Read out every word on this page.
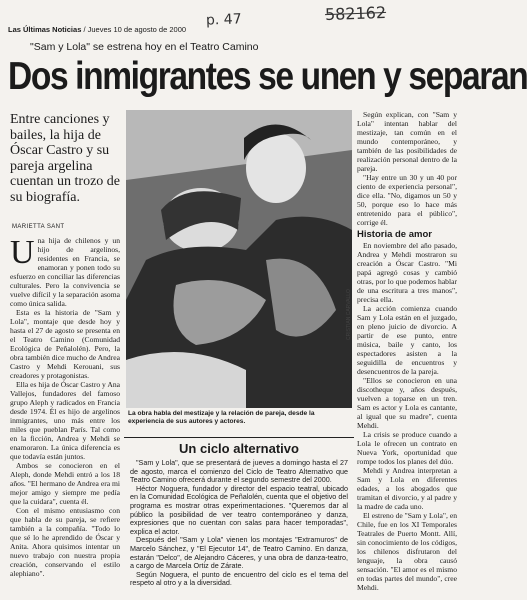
p. 47	582162
Las Últimas Noticias / Jueves 10 de agosto de 2000
"Sam y Lola" se estrena hoy en el Teatro Camino
Dos inmigrantes se unen y separan
Entre canciones y bailes, la hija de Óscar Castro y su pareja argelina cuentan un trozo de su biografía.
MARIETTA SANT

Una hija de chilenos y un hijo de argelinos, residentes en Francia, se enamoran y ponen todo su esfuerzo en conciliar las diferencias culturales. Pero la convivencia se vuelve difícil y la separación asoma como única salida.

Esta es la historia de "Sam y Lola", montaje que desde hoy y hasta el 27 de agosto se presenta en el Teatro Camino (Comunidad Ecológica de Peñalolén). Pero, la obra también dice mucho de Andrea Castro y Mehdi Kerouani, sus creadores y protagonistas.

Ella es hija de Óscar Castro y Ana Vallejos, fundadores del famoso grupo Aleph y radicados en Francia desde 1974. Él es hijo de argelinos inmigrantes, uno más entre los miles que pueblan París. Tal como en la ficción, Andrea y Mehdi se enamoraron. La única diferencia es que todavía están juntos.

Ambos se conocieron en el Aleph, donde Mehdi entró a los 18 años. "El hermano de Andrea era mi mejor amigo y siempre me pedía que la cuidara", cuenta él.

Con el mismo entusiasmo con que habla de su pareja, se refiere también a la compañía. "Todo lo que sé lo he aprendido de Óscar y Anita. Ahora quisimos intentar un nuevo trabajo con nuestra propia creación, conservando el estilo alephiano".

CRISTIAN CARVALLO
La obra habla del mestizaje y la relación de pareja, desde la experiencia de sus autores y actores.

Según explican, con "Sam y Lola" intentan hablar del mestizaje, tan común en el mundo contemporáneo, y también de las posibilidades de realización personal dentro de la pareja.

"Hay entre un 30 y un 40 por ciento de experiencia personal", dice ella. "No, digamos un 50 y 50, porque eso lo hace más entretenido para el público", corrige él.

Historia de amor

En noviembre del año pasado, Andrea y Mehdi mostraron su creación a Óscar Castro. "Mi papá agregó cosas y cambió otras, por lo que podemos hablar de una escritura a tres manos", precisa ella.

La acción comienza cuando Sam y Lola están en el juzgado, en pleno juicio de divorcio. A partir de ese punto, entre música, baile y canto, los espectadores asisten a la seguidilla de encuentros y desencuentros de la pareja.

"Ellos se conocieron en una discotheque y, años después, vuelven a toparse en un tren. Sam es actor y Lola es cantante, al igual que su madre", cuenta Mehdi.

La crisis se produce cuando a Lola le ofrecen un contrato en Nueva York, oportunidad que rompe todos los planes del dúo.

Mehdi y Andrea interpretan a Sam y Lola en diferentes edades, a los abogados que tramitan el divorcio, y al padre y la madre de cada uno.

El estreno de "Sam y Lola", en Chile, fue en los XI Temporales Teatrales de Puerto Montt. Allí, sin conocimiento de los códigos, los chilenos disfrutaron del lenguaje, la obra causó sensación. "El amor es el mismo en todas partes del mundo", cree Mehdi.

Un ciclo alternativo

"Sam y Lola", que se presentará de jueves a domingo hasta el 27 de agosto, marca el comienzo del Ciclo de Teatro Alternativo que Teatro Camino ofrecerá durante el segundo semestre del 2000.

Héctor Noguera, fundador y director del espacio teatral, ubicado en la Comunidad Ecológica de Peñalolén, cuenta que el objetivo del programa es mostrar otras experimentaciones. "Queremos dar al público la posibilidad de ver teatro contemporáneo y danza, expresiones que no cuentan con salas para hacer temporadas", explica el actor.

Después del "Sam y Lola" vienen los montajes "Extramuros" de Marcelo Sánchez, y "El Ejecutor 14", de Teatro Camino. En danza, estarán "Delco", de Alejandro Cáceres, y una obra de danza-teatro, a cargo de Marcela Ortiz de Zárate.

Según Noguera, el punto de encuentro del ciclo es el tema del respeto al otro y a la diversidad.
